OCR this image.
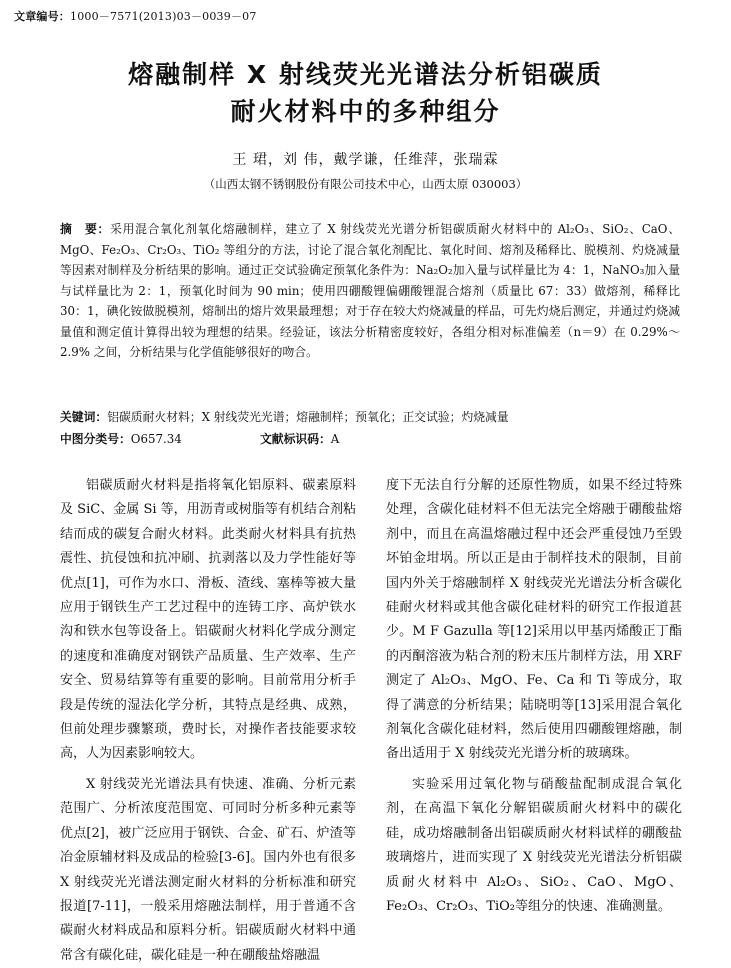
文章编号：1000－7571(2013)03－0039－07
熔融制样 X 射线荧光光谱法分析铝碳质
耐火材料中的多种组分
王 珺，刘 伟，戴学谦，任维萍，张瑞霖
（山西太钢不锈钢股份有限公司技术中心，山西太原 030003）
摘　要：采用混合氧化剂氧化熔融制样，建立了 X 射线荧光光谱分析铝碳质耐火材料中的 Al₂O₃、SiO₂、CaO、MgO、Fe₂O₃、Cr₂O₃、TiO₂ 等组分的方法，讨论了混合氧化剂配比、氧化时间、熔剂及稀释比、脱模剂、灼烧减量等因素对制样及分析结果的影响。通过正交试验确定预氧化条件为：Na₂O₂加入量与试样量比为 4：1，NaNO₃加入量与试样量比为 2：1，预氧化时间为 90 min；使用四硼酸锂偏硼酸锂混合熔剂（质量比 67：33）做熔剂，稀释比 30：1，碘化铵做脱模剂，熔制出的熔片效果最理想；对于存在较大灼烧减量的样品，可先灼烧后测定，并通过灼烧减量值和测定值计算得出较为理想的结果。经验证，该法分析精密度较好，各组分相对标准偏差（n＝9）在 0.29%～2.9% 之间，分析结果与化学值能够很好的吻合。
关键词：铝碳质耐火材料；X 射线荧光光谱；熔融制样；预氧化；正交试验；灼烧减量
中图分类号：O657.34	文献标识码：A

铝碳质耐火材料是指将氧化铝原料、碳素原料及 SiC、金属 Si 等，用沥青或树脂等有机结合剂粘结而成的碳复合耐火材料。此类耐火材料具有抗热震性、抗侵蚀和抗冲刷、抗剥落以及力学性能好等优点[1]，可作为水口、滑板、渣线、塞棒等被大量应用于钢铁生产工艺过程中的连铸工序、高炉铁水沟和铁水包等设备上。铝碳耐火材料化学成分测定的速度和准确度对钢铁产品质量、生产效率、生产安全、贸易结算等有重要的影响。目前常用分析手段是传统的湿法化学分析，其特点是经典、成熟，但前处理步骤繁琐，费时长，对操作者技能要求较高，人为因素影响较大。

X 射线荧光光谱法具有快速、准确、分析元素范围广、分析浓度范围宽、可同时分析多种元素等优点[2]，被广泛应用于钢铁、合金、矿石、炉渣等冶金原辅材料及成品的检验[3-6]。国内外也有很多 X 射线荧光光谱法测定耐火材料的分析标准和研究报道[7-11]，一般采用熔融法制样，用于普通不含碳耐火材料成品和原料分析。铝碳质耐火材料中通常含有碳化硅，碳化硅是一种在硼酸盐熔融温

度下无法自行分解的还原性物质，如果不经过特殊处理，含碳化硅材料不但无法完全熔融于硼酸盐熔剂中，而且在高温熔融过程中还会严重侵蚀乃至毁坏铂金坩埚。所以正是由于制样技术的限制，目前国内外关于熔融制样 X 射线荧光光谱法分析含碳化硅耐火材料或其他含碳化硅材料的研究工作报道甚少。M F Gazulla 等[12]采用以甲基丙烯酸正丁酯的丙酮溶液为粘合剂的粉末压片制样方法，用 XRF 测定了 Al₂O₃、MgO、Fe、Ca 和 Ti 等成分，取得了满意的分析结果；陆晓明等[13]采用混合氧化剂氧化含碳化硅材料，然后使用四硼酸锂熔融，制备出适用于 X 射线荧光光谱分析的玻璃珠。

实验采用过氧化物与硝酸盐配制成混合氧化剂，在高温下氧化分解铝碳质耐火材料中的碳化硅，成功熔融制备出铝碳质耐火材料试样的硼酸盐玻璃熔片，进而实现了 X 射线荧光光谱法分析铝碳质耐火材料中 Al₂O₃、SiO₂、CaO、MgO、Fe₂O₃、Cr₂O₃、TiO₂等组分的快速、准确测量。
